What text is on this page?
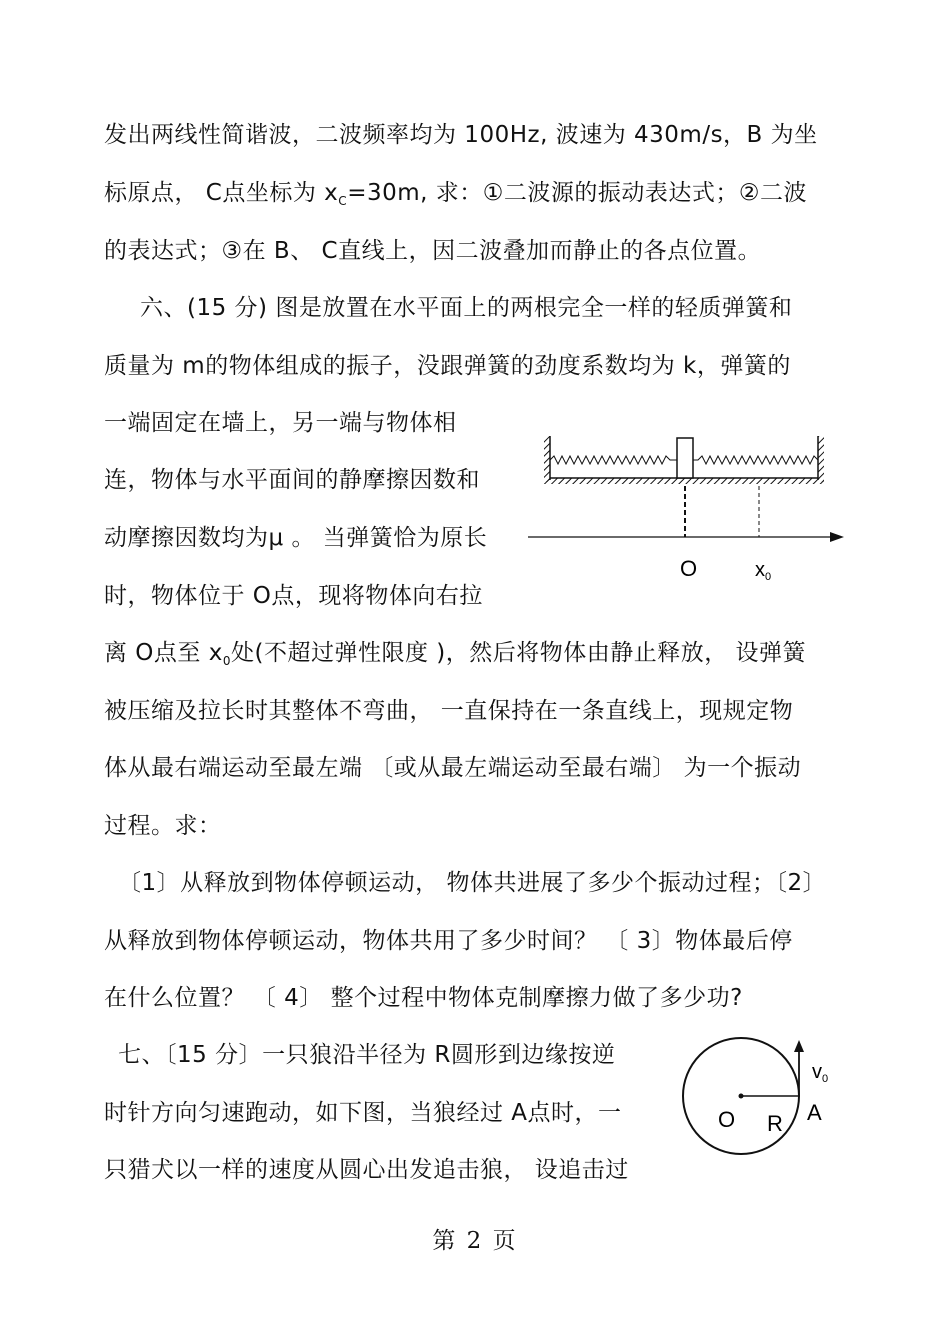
发出两线性简谐波，二波频率均为 100Hz, 波速为 430m/s，B 为坐
标原点， C点坐标为 $x_C=30m$, 求：①二波源的振动表达式；②二波
的表达式；③在 B、 C直线上，因二波叠加而静止的各点位置。
六、(15 分) 图是放置在水平面上的两根完全一样的轻质弹簧和
质量为 m的物体组成的振子，没跟弹簧的劲度系数均为 k，弹簧的
一端固定在墙上，另一端与物体相
连，物体与水平面间的静摩擦因数和
动摩擦因数均为μ 。 当弹簧恰为原长
时，物体位于 O点，现将物体向右拉
离 O点至 $x_0$处(不超过弹性限度 )，然后将物体由静止释放， 设弹簧
被压缩及拉长时其整体不弯曲， 一直保持在一条直线上，现规定物
体从最右端运动至最左端 〔或从最左端运动至最右端〕 为一个振动
过程。求：
〔1〕从释放到物体停顿运动， 物体共进展了多少个振动过程；〔2〕
从释放到物体停顿运动，物体共用了多少时间？ 〔 3〕物体最后停
在什么位置？ 〔 4〕 整个过程中物体克制摩擦力做了多少功?
O	$x_0$
七、〔15 分〕一只狼沿半径为 R圆形到边缘按逆
时针方向匀速跑动，如下图，当狼经过 A点时，一
只猎犬以一样的速度从圆心出发追击狼， 设追击过
$v_0$
O R A
第 2 页
